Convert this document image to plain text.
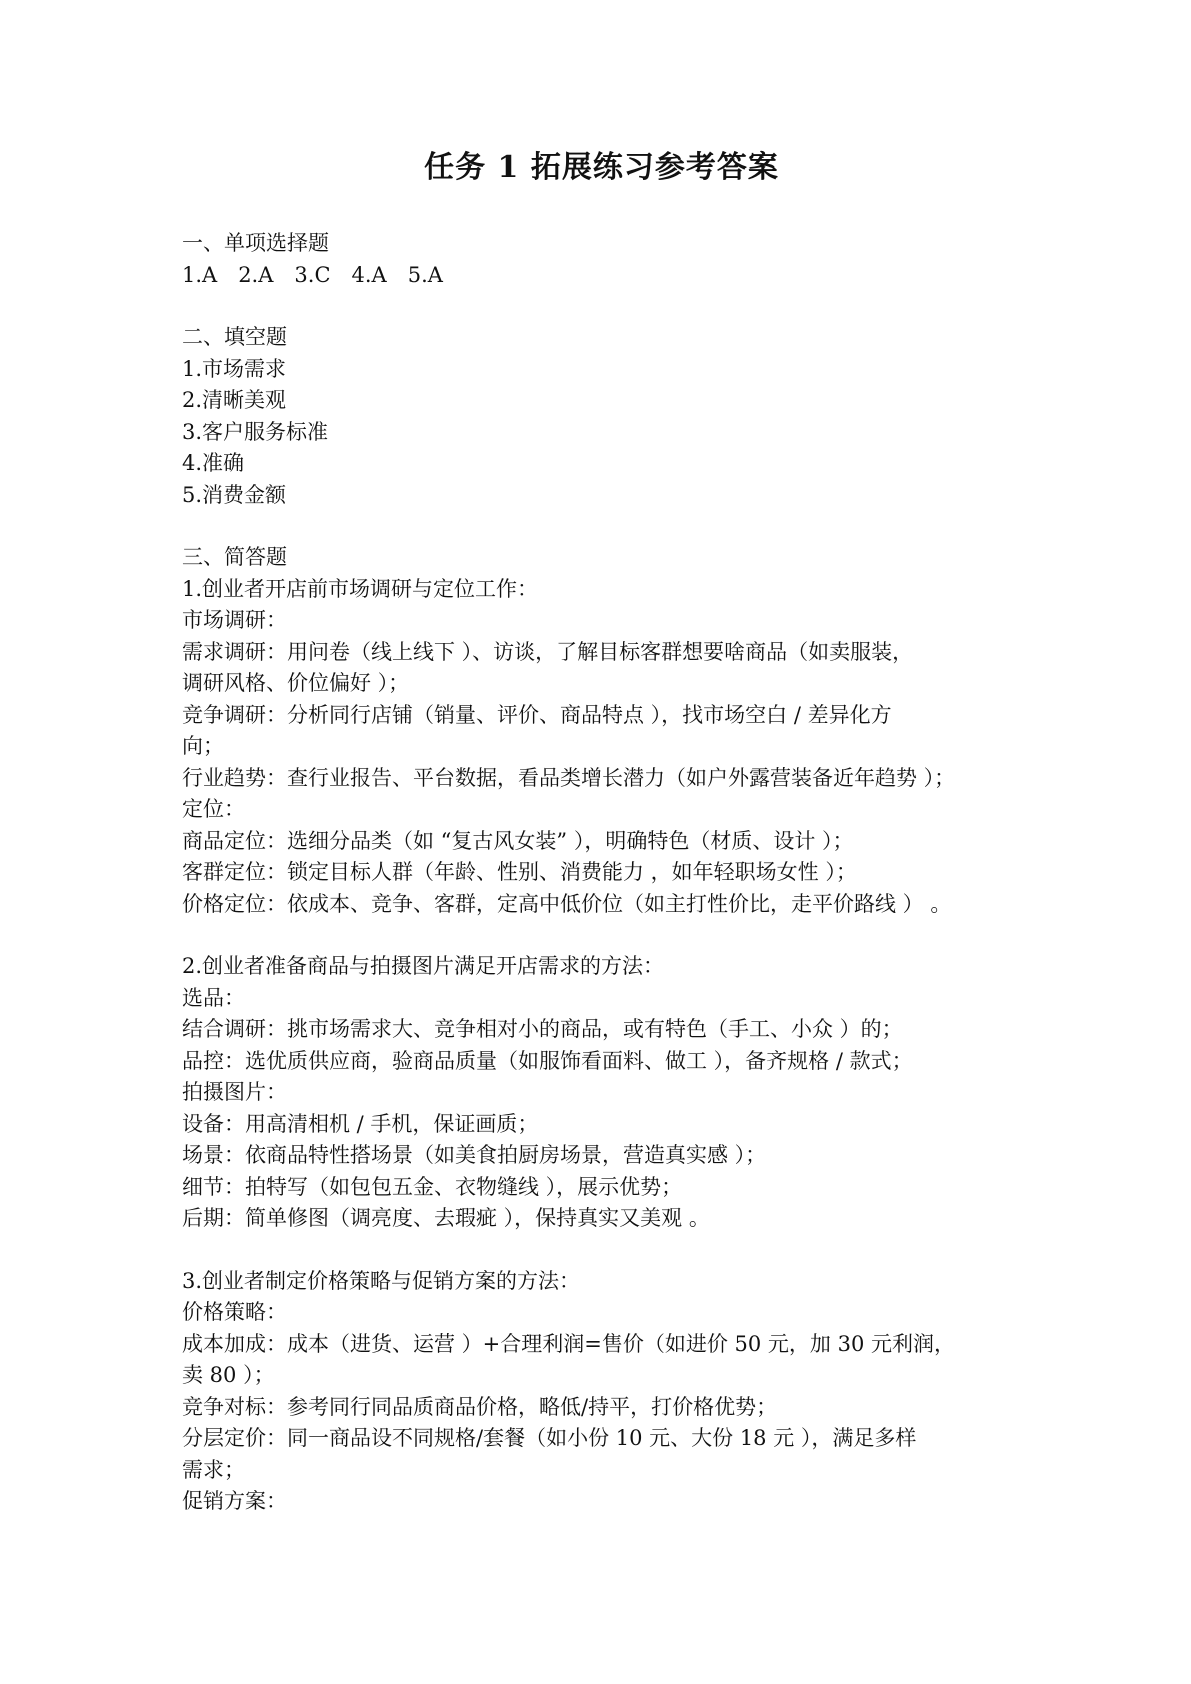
任务 1 拓展练习参考答案
一、单项选择题
1.A　2.A　3.C　4.A　5.A
二、填空题
1.市场需求
2.清晰美观
3.客户服务标准
4.准确
5.消费金额
三、简答题
1.创业者开店前市场调研与定位工作：
市场调研：
需求调研：用问卷（线上线下 ）、访谈，了解目标客群想要啥商品（如卖服装，
调研风格、价位偏好 ）；
竞争调研：分析同行店铺（销量、评价、商品特点 ），找市场空白 / 差异化方
向；
行业趋势：查行业报告、平台数据，看品类增长潜力（如户外露营装备近年趋势 ）；
定位：
商品定位：选细分品类（如 “复古风女装” ），明确特色（材质、设计 ）；
客群定位：锁定目标人群（年龄、性别、消费能力 ，如年轻职场女性 ）；
价格定位：依成本、竞争、客群，定高中低价位（如主打性价比，走平价路线 ） 。
2.创业者准备商品与拍摄图片满足开店需求的方法：
选品：
结合调研：挑市场需求大、竞争相对小的商品，或有特色（手工、小众 ）的；
品控：选优质供应商，验商品质量（如服饰看面料、做工 ），备齐规格 / 款式；
拍摄图片：
设备：用高清相机 / 手机，保证画质；
场景：依商品特性搭场景（如美食拍厨房场景，营造真实感 ）；
细节：拍特写（如包包五金、衣物缝线 ），展示优势；
后期：简单修图（调亮度、去瑕疵 ），保持真实又美观 。
3.创业者制定价格策略与促销方案的方法：
价格策略：
成本加成：成本（进货、运营 ）+合理利润=售价（如进价 50 元，加 30 元利润，
卖 80 ）；
竞争对标：参考同行同品质商品价格，略低/持平，打价格优势；
分层定价：同一商品设不同规格/套餐（如小份 10 元、大份 18 元 ），满足多样
需求；
促销方案：
